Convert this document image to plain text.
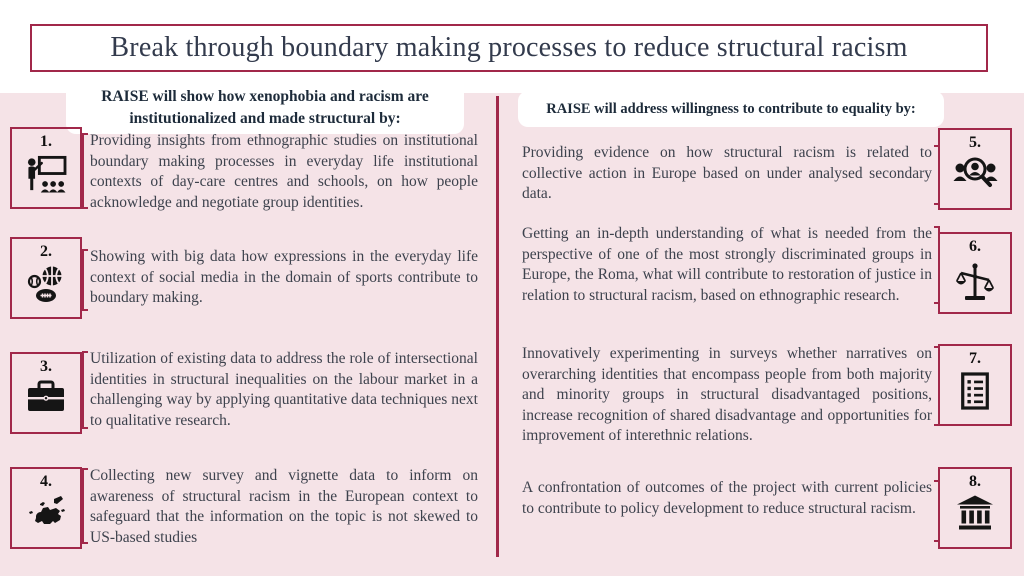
Break through boundary making processes to reduce structural racism
RAISE will show how xenophobia and racism are institutionalized and made structural by:
RAISE will address willingness to contribute to equality by:
1. Providing insights from ethnographic studies on institutional boundary making processes in everyday life institutional contexts of day-care centres and schools, on how people acknowledge and negotiate group identities.
2. Showing with big data how expressions in the everyday life context of social media in the domain of sports contribute to boundary making.
3. Utilization of existing data to address the role of intersectional identities in structural inequalities on the labour market in a challenging way by applying quantitative data techniques next to qualitative research.
4. Collecting new survey and vignette data to inform on awareness of structural racism in the European context to safeguard that the information on the topic is not skewed to US-based studies
5.
Providing evidence on how structural racism is related to collective action in Europe based on under analysed secondary data.
6.
Getting an in-depth understanding of what is needed from the perspective of one of the most strongly discriminated groups in Europe, the Roma, what will contribute to restoration of justice in relation to structural racism, based on ethnographic research.
7.
Innovatively experimenting in surveys whether narratives on overarching identities that encompass people from both majority and minority groups in structural disadvantaged positions, increase recognition of shared disadvantage and opportunities for improvement of interethnic relations.
8.
A confrontation of outcomes of the project with current policies to contribute to policy development to reduce structural racism.
